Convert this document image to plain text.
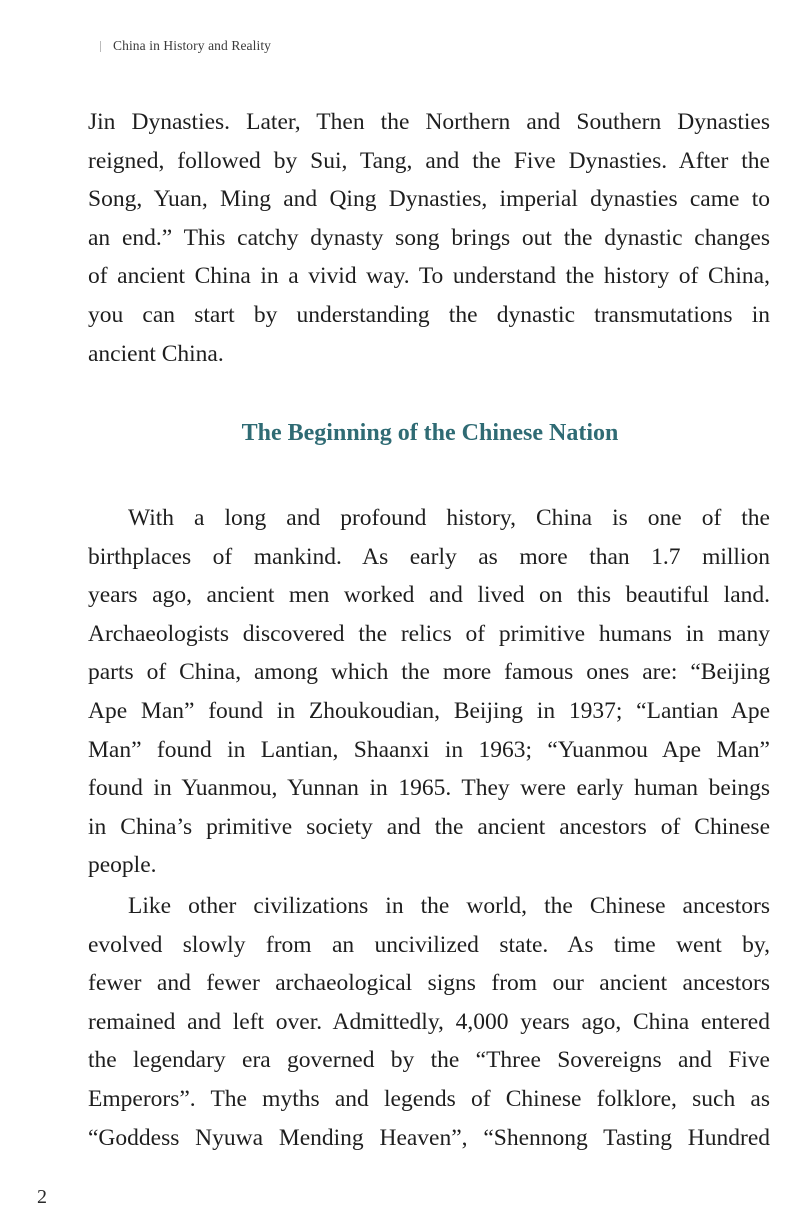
China in History and Reality
Jin Dynasties. Later, Then the Northern and Southern Dynasties
reigned, followed by Sui, Tang, and the Five Dynasties. After the
Song, Yuan, Ming and Qing Dynasties, imperial dynasties came to
an end.” This catchy dynasty song brings out the dynastic changes
of ancient China in a vivid way. To understand the history of China,
you can start by understanding the dynastic transmutations in
ancient China.
The Beginning of the Chinese Nation
With a long and profound history, China is one of the
birthplaces of mankind. As early as more than 1.7 million
years ago, ancient men worked and lived on this beautiful land.
Archaeologists discovered the relics of primitive humans in many
parts of China, among which the more famous ones are: “Beijing
Ape Man” found in Zhoukoudian, Beijing in 1937; “Lantian Ape
Man” found in Lantian, Shaanxi in 1963; “Yuanmou Ape Man”
found in Yuanmou, Yunnan in 1965. They were early human beings
in China’s primitive society and the ancient ancestors of Chinese
people.
Like other civilizations in the world, the Chinese ancestors
evolved slowly from an uncivilized state. As time went by,
fewer and fewer archaeological signs from our ancient ancestors
remained and left over. Admittedly, 4,000 years ago, China entered
the legendary era governed by the “Three Sovereigns and Five
Emperors”. The myths and legends of Chinese folklore, such as
“Goddess Nyuwa Mending Heaven”, “Shennong Tasting Hundred
2
